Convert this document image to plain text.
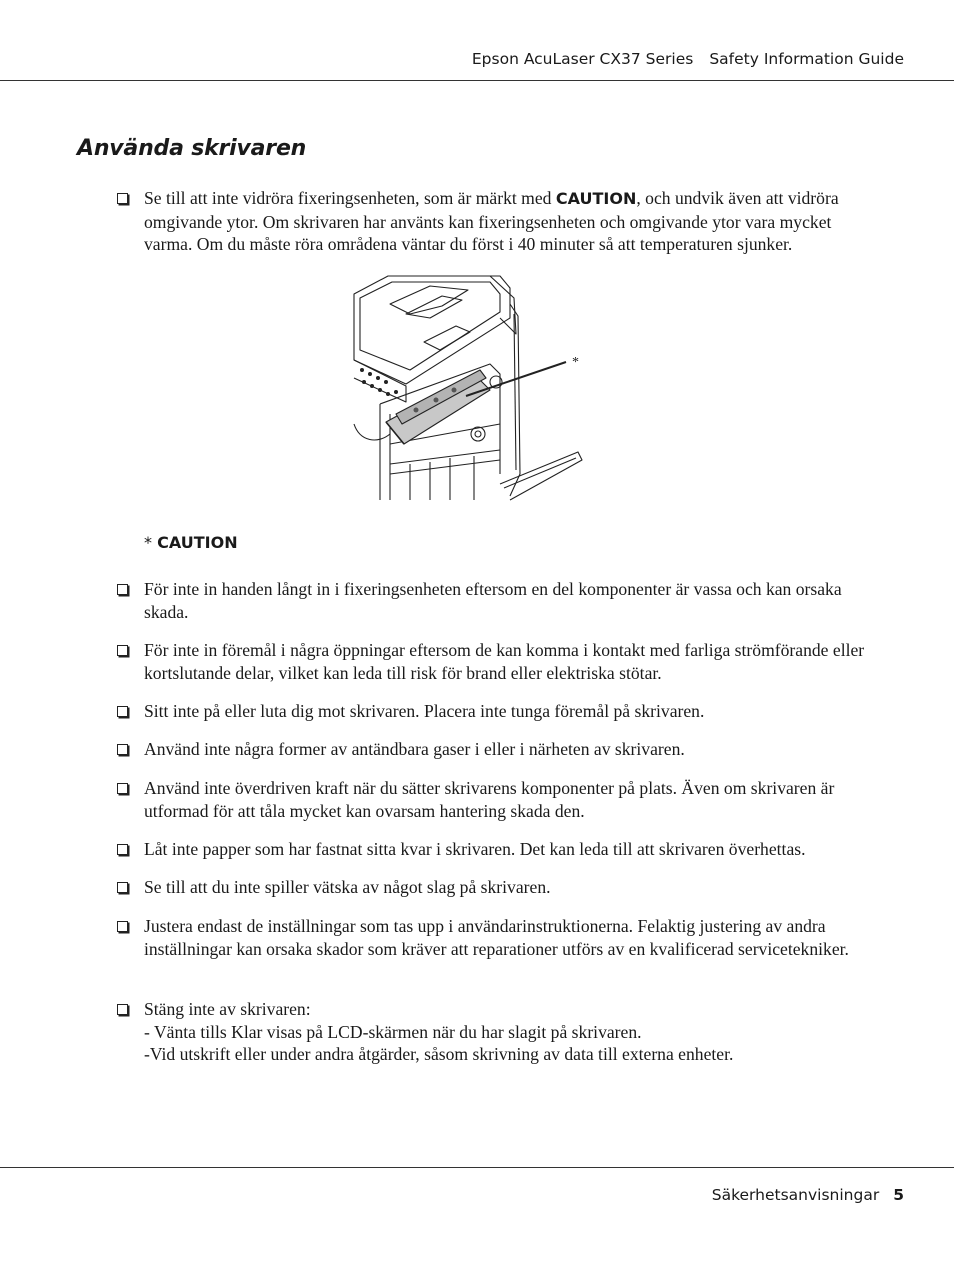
Epson AcuLaser CX37 Series Safety Information Guide
Använda skrivaren

Se till att inte vidröra fixeringsenheten, som är märkt med CAUTION, och undvik även att vidröra omgivande ytor. Om skrivaren har använts kan fixeringsenheten och omgivande ytor vara mycket varma. Om du måste röra områdena väntar du först i 40 minuter så att temperaturen sjunker.

*
* CAUTION

För inte in handen långt in i fixeringsenheten eftersom en del komponenter är vassa och kan orsaka skada.

För inte in föremål i några öppningar eftersom de kan komma i kontakt med farliga strömförande eller kortslutande delar, vilket kan leda till risk för brand eller elektriska stötar.

Sitt inte på eller luta dig mot skrivaren. Placera inte tunga föremål på skrivaren.

Använd inte några former av antändbara gaser i eller i närheten av skrivaren.

Använd inte överdriven kraft när du sätter skrivarens komponenter på plats. Även om skrivaren är utformad för att tåla mycket kan ovarsam hantering skada den.

Låt inte papper som har fastnat sitta kvar i skrivaren. Det kan leda till att skrivaren överhettas.

Se till att du inte spiller vätska av något slag på skrivaren.

Justera endast de inställningar som tas upp i användarinstruktionerna. Felaktig justering av andra inställningar kan orsaka skador som kräver att reparationer utförs av en kvalificerad servicetekniker.

Stäng inte av skrivaren:
- Vänta tills Klar visas på LCD-skärmen när du har slagit på skrivaren.
-Vid utskrift eller under andra åtgärder, såsom skrivning av data till externa enheter.

Säkerhetsanvisningar 5
